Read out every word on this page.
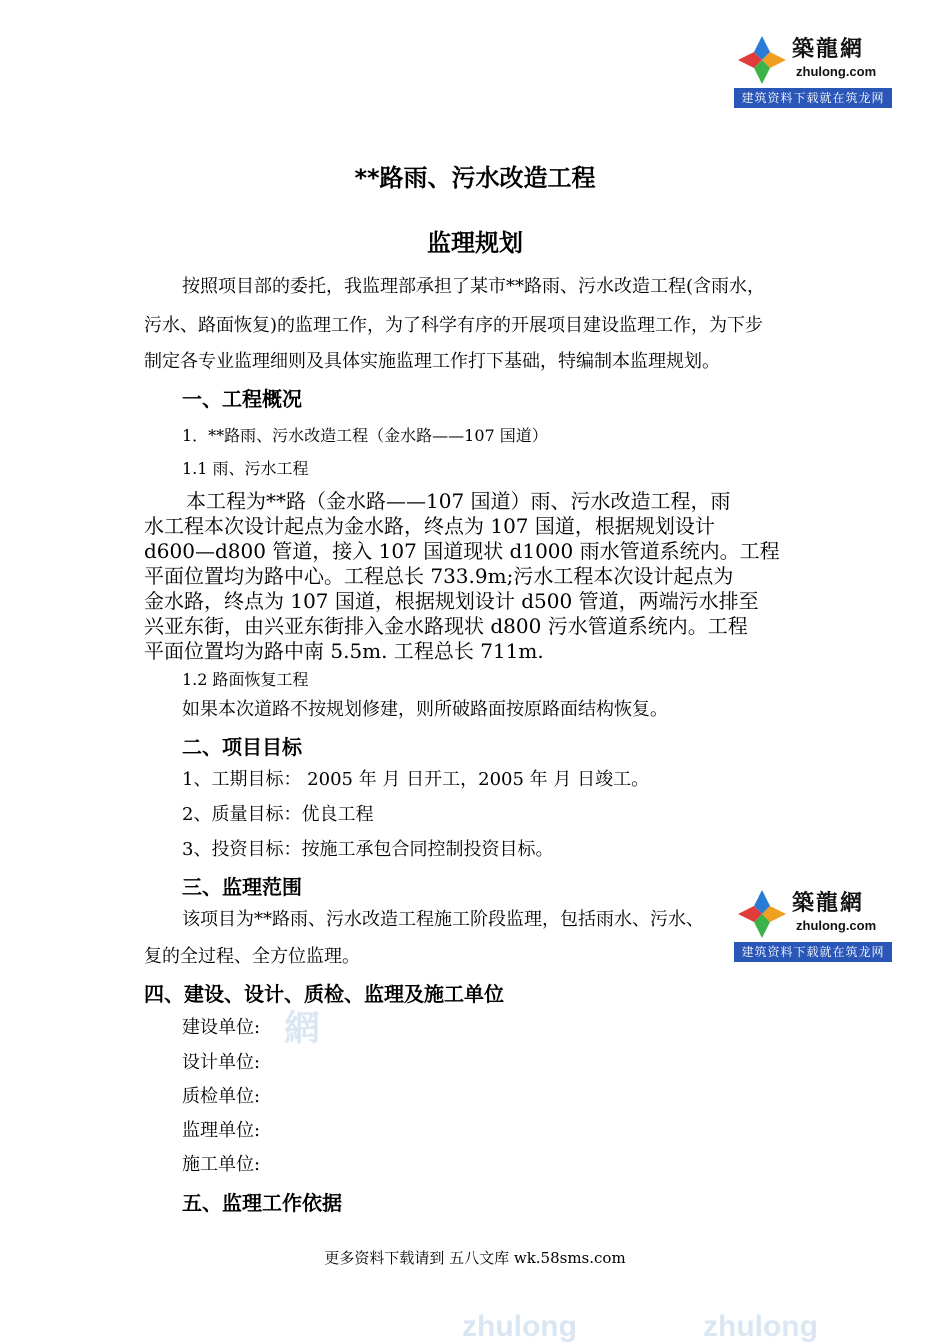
築龍網
zhulong.com
建筑资料下载就在筑龙网
**路雨、污水改造工程
监理规划
按照项目部的委托，我监理部承担了某市**路雨、污水改造工程(含雨水，
污水、路面恢复)的监理工作，为了科学有序的开展项目建设监理工作，为下步
制定各专业监理细则及具体实施监理工作打下基础，特编制本监理规划。
一、工程概况
1．**路雨、污水改造工程（金水路——107 国道）
1.1 雨、污水工程
本工程为**路（金水路——107 国道）雨、污水改造工程，雨
水工程本次设计起点为金水路，终点为 107 国道，根据规划设计
d600—d800 管道，接入 107 国道现状 d1000 雨水管道系统内。工程
平面位置均为路中心。工程总长 733.9m;污水工程本次设计起点为
金水路，终点为 107 国道，根据规划设计 d500 管道，两端污水排至
兴亚东街，由兴亚东街排入金水路现状 d800 污水管道系统内。工程
平面位置均为路中南 5.5m. 工程总长 711m.
1.2 路面恢复工程
如果本次道路不按规划修建，则所破路面按原路面结构恢复。
二、项目目标
1、工期目标： 2005 年 月 日开工，2005 年 月 日竣工。
2、质量目标：优良工程
3、投资目标：按施工承包合同控制投资目标。
三、监理范围
该项目为**路雨、污水改造工程施工阶段监理，包括雨水、污水、
复的全过程、全方位监理。
築龍網
zhulong.com
建筑资料下载就在筑龙网
四、建设、设计、质检、监理及施工单位
建设单位:
设计单位:
质检单位:
监理单位:
施工单位:
五、监理工作依据
更多资料下载请到 五八文库 wk.58sms.com
zhulong	zhulong
網
